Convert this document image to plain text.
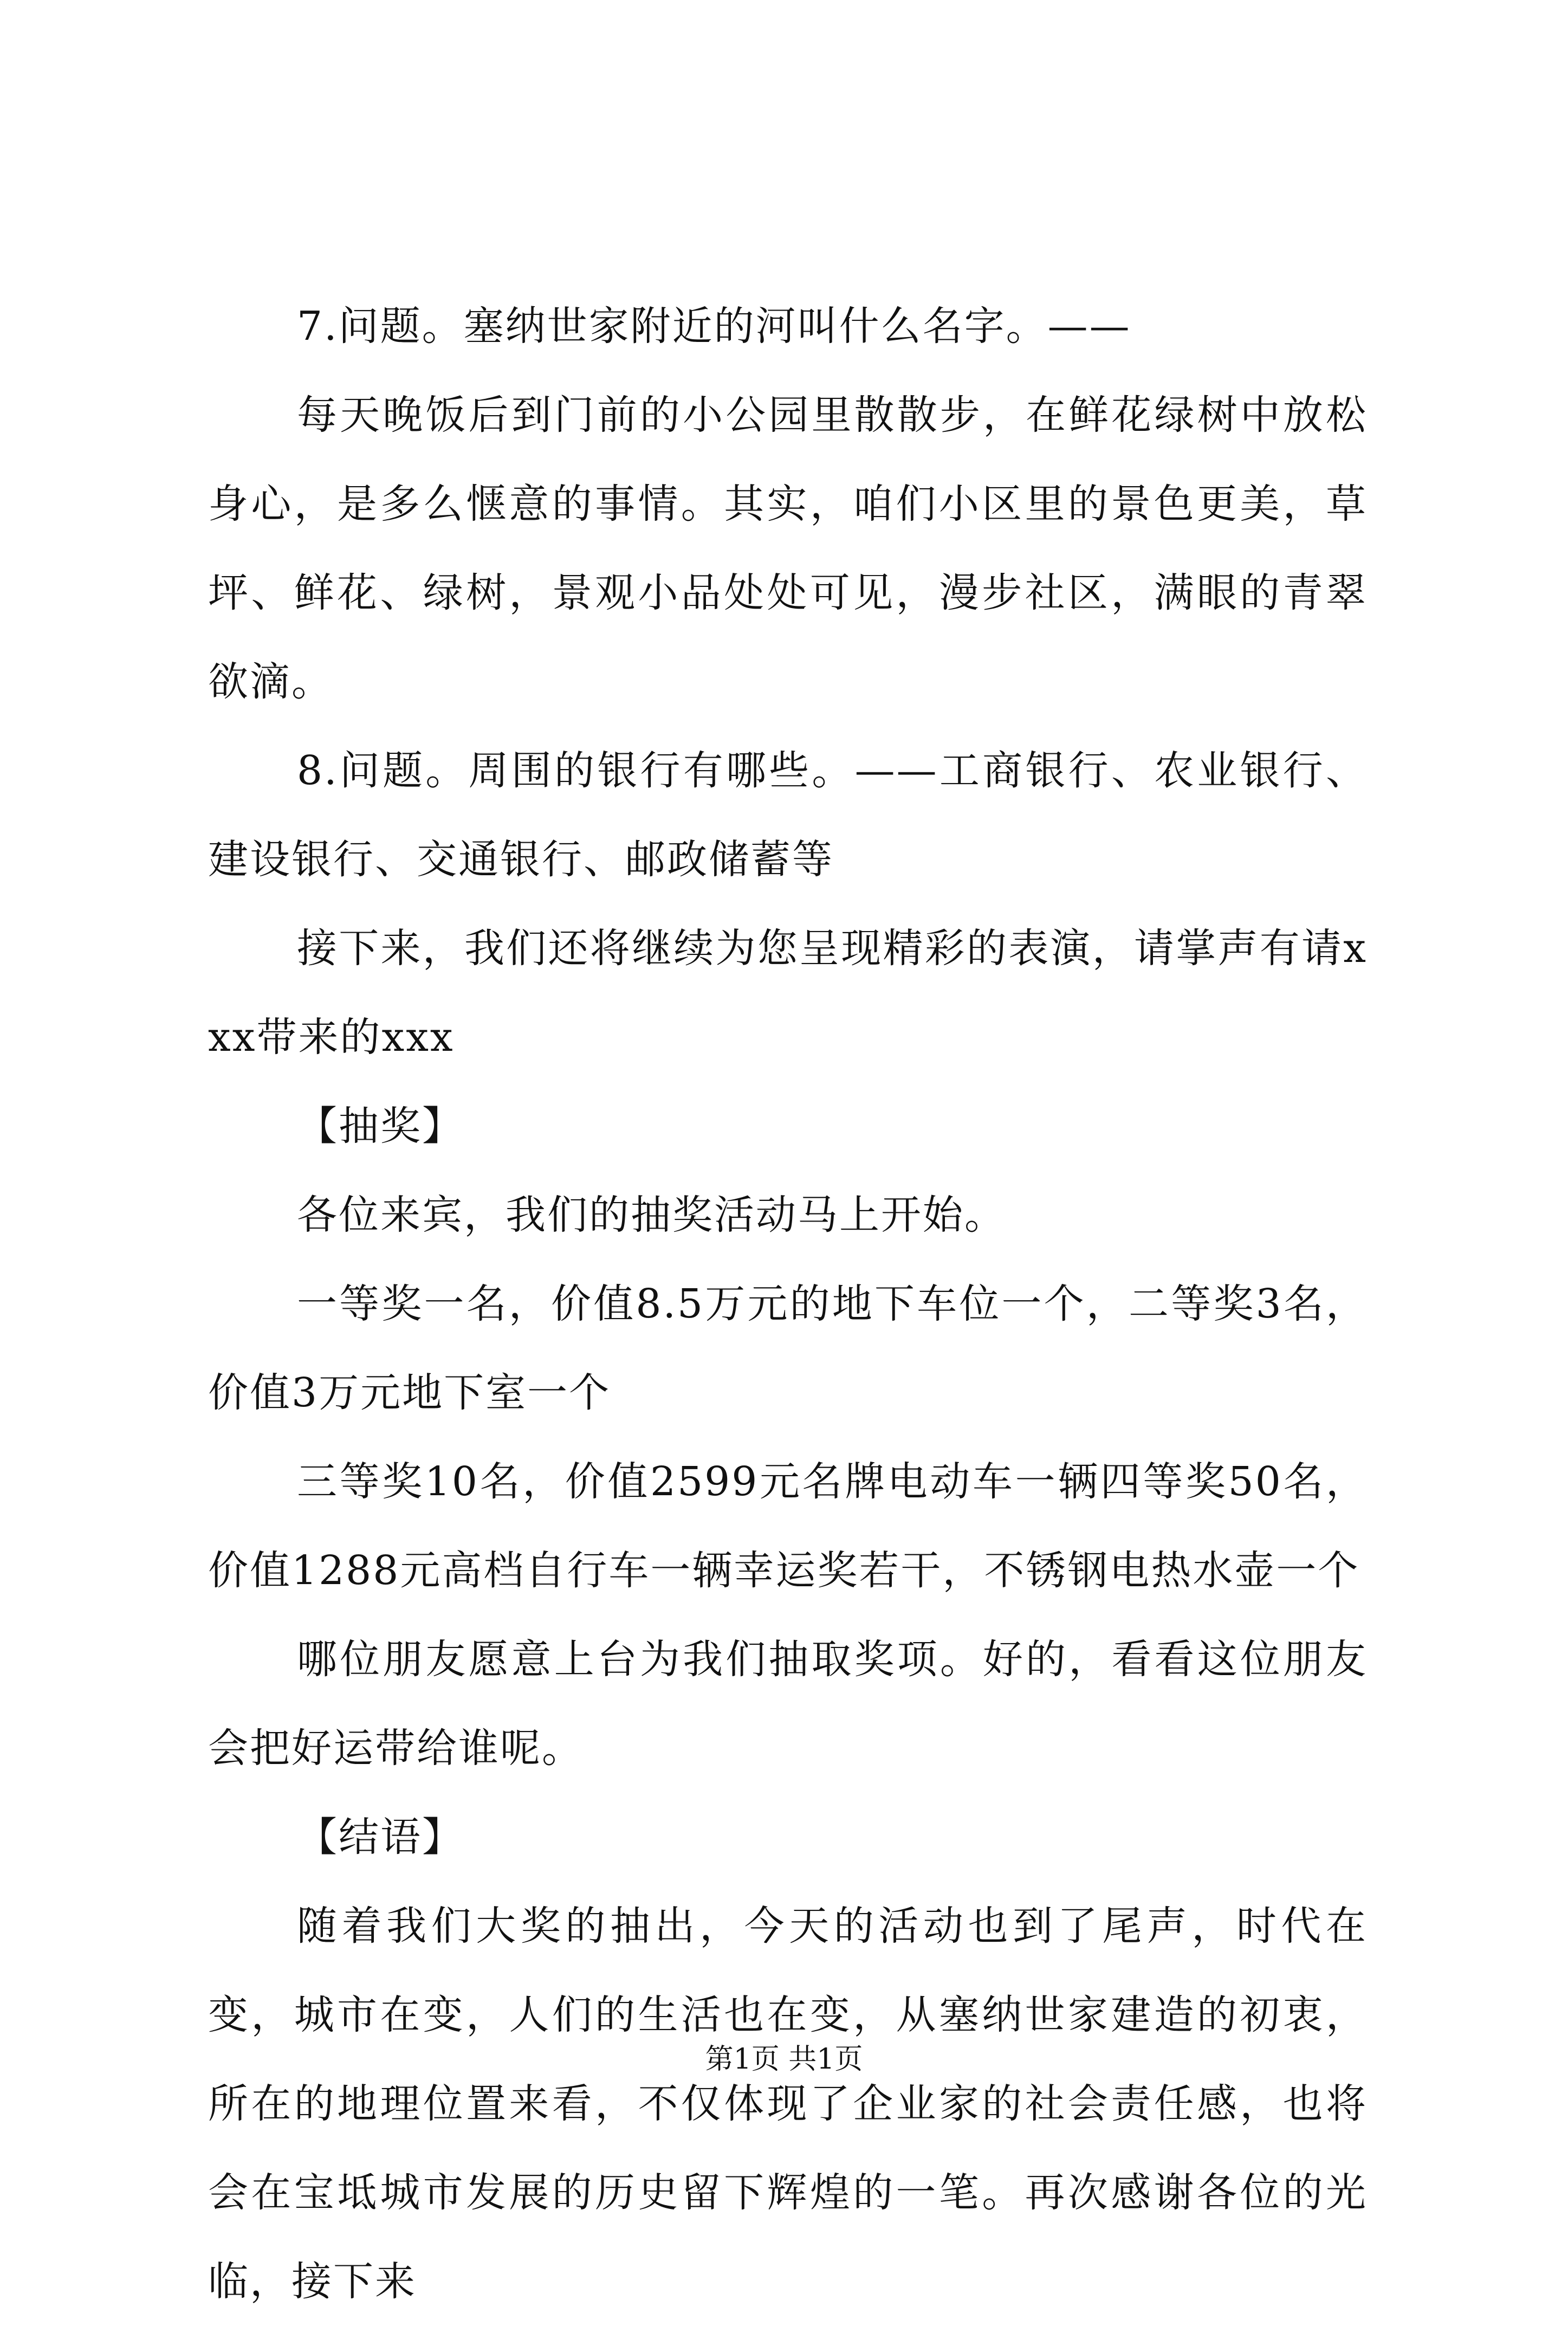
7.问题。塞纳世家附近的河叫什么名字。——

每天晚饭后到门前的小公园里散散步，在鲜花绿树中放松身心，是多么惬意的事情。其实，咱们小区里的景色更美，草坪、鲜花、绿树，景观小品处处可见，漫步社区，满眼的青翠欲滴。

8.问题。周围的银行有哪些。——工商银行、农业银行、建设银行、交通银行、邮政储蓄等

接下来，我们还将继续为您呈现精彩的表演，请掌声有请xxx带来的xxx

【抽奖】

各位来宾，我们的抽奖活动马上开始。

一等奖一名，价值8.5万元的地下车位一个，二等奖3名，价值3万元地下室一个

三等奖10名，价值2599元名牌电动车一辆四等奖50名，价值1288元高档自行车一辆幸运奖若干，不锈钢电热水壶一个

哪位朋友愿意上台为我们抽取奖项。好的，看看这位朋友会把好运带给谁呢。

【结语】

随着我们大奖的抽出，今天的活动也到了尾声，时代在变，城市在变，人们的生活也在变，从塞纳世家建造的初衷，所在的地理位置来看，不仅体现了企业家的社会责任感，也将会在宝坻城市发展的历史留下辉煌的一笔。再次感谢各位的光临，接下来

第1页 共1页
